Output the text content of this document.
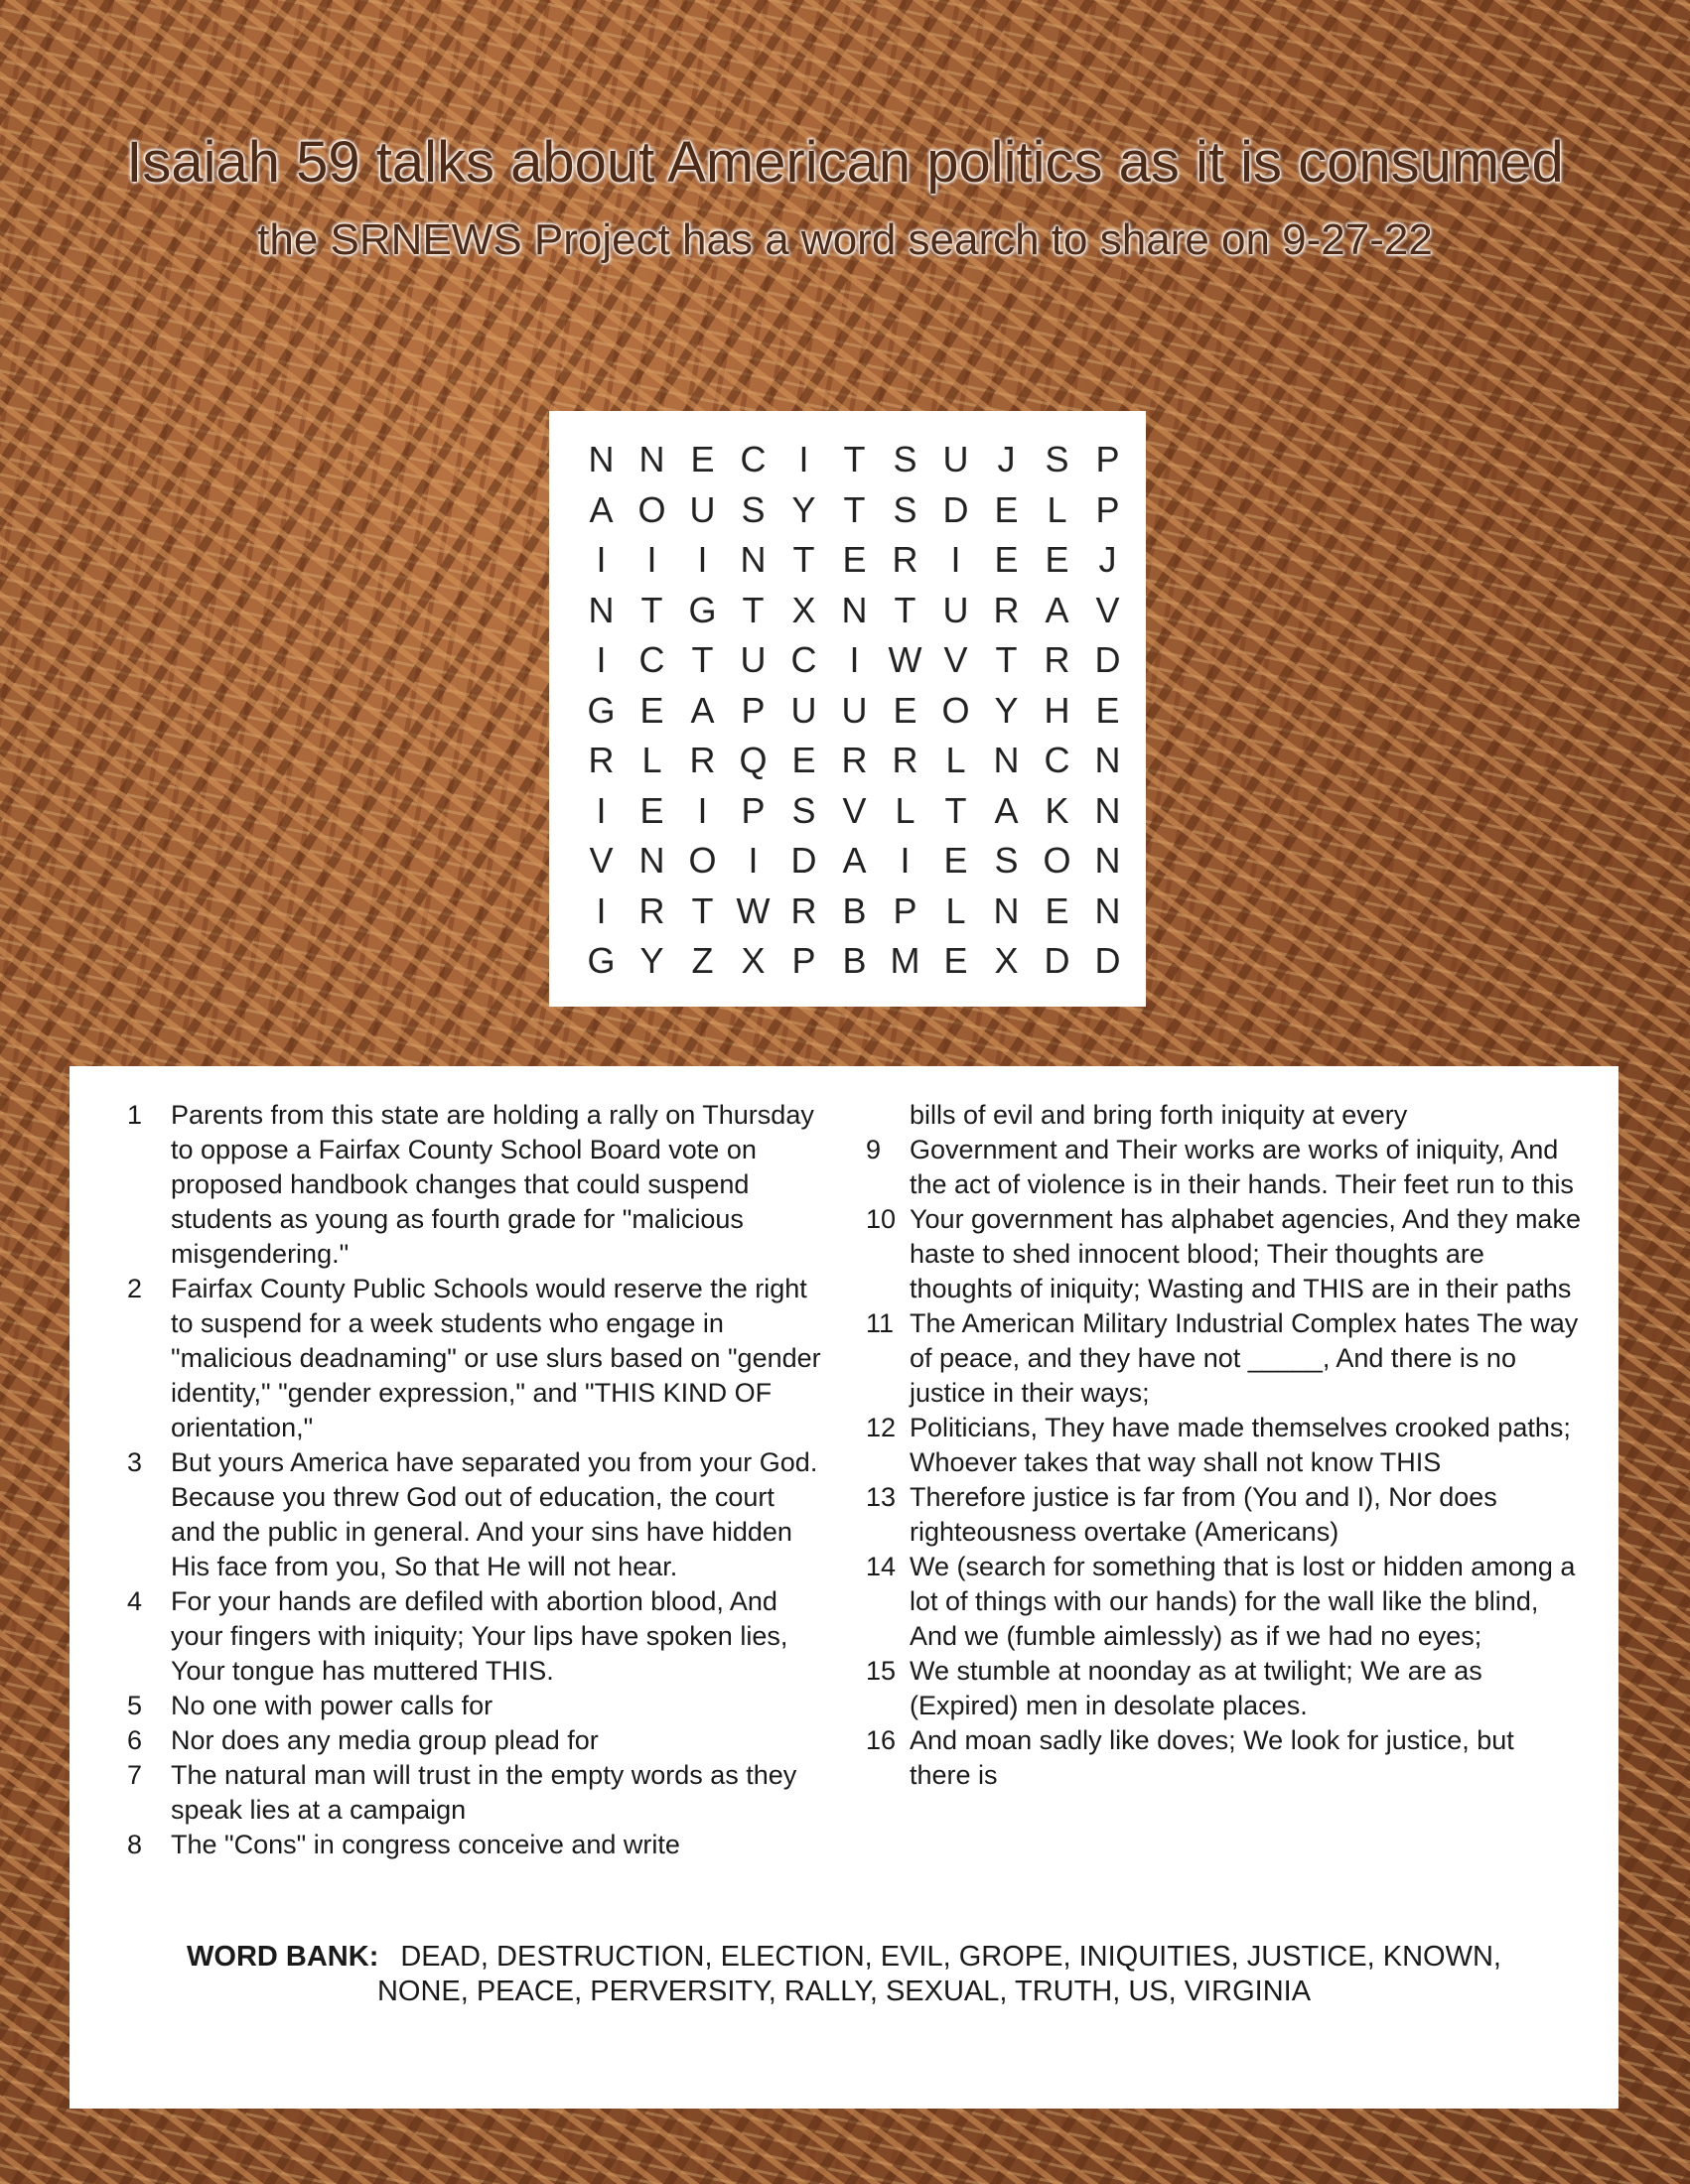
Isaiah 59 talks about American politics as it is consumed
the SRNEWS Project has a word search to share on 9-27-22
N N E C I T S U J S P
A O U S Y T S D E L P
I	I	I N T E R I E E J
N T G T X N T U R A V
I C T U C I W V T R D
G E A P U U E O Y H E
R L R Q E R R L N C N
I E I P S V L T A K N
V N O I D A I E S O N
I R T W R B P L N E N
G Y Z X P B M E X D D
1	Parents from this state are holding a rally on Thursday to oppose a Fairfax County School Board vote on proposed handbook changes that could suspend students as young as fourth grade for "malicious misgendering."
2	Fairfax County Public Schools would reserve the right to suspend for a week students who engage in "malicious deadnaming" or use slurs based on "gender identity," "gender expression," and "THIS KIND OF orientation,"
3	But yours America have separated you from your God. Because you threw God out of education, the court and the public in general. And your sins have hidden His face from you, So that He will not hear.
4	For your hands are defiled with abortion blood, And your fingers with iniquity; Your lips have spoken lies, Your tongue has muttered THIS.
5	No one with power calls for
6	Nor does any media group plead for
7	The natural man will trust in the empty words as they speak lies at a campaign
8	The "Cons" in congress conceive and write
bills of evil and bring forth iniquity at every
9	Government and Their works are works of iniquity, And the act of violence is in their hands. Their feet run to this
10 Your government has alphabet agencies, And they make haste to shed innocent blood; Their thoughts are thoughts of iniquity; Wasting and THIS are in their paths
11 The American Military Industrial Complex hates The way of peace, and they have not _____, And there is no justice in their ways;
12 Politicians, They have made themselves crooked paths; Whoever takes that way shall not know THIS
13 Therefore justice is far from (You and I), Nor does righteousness overtake (Americans)
14 We (search for something that is lost or hidden among a lot of things with our hands) for the wall like the blind, And we (fumble aimlessly) as if we had no eyes;
15 We stumble at noonday as at twilight; We are as (Expired) men in desolate places.
16 And moan sadly like doves; We look for justice, but there is
WORD BANK: DEAD, DESTRUCTION, ELECTION, EVIL, GROPE, INIQUITIES, JUSTICE, KNOWN,
NONE, PEACE, PERVERSITY, RALLY, SEXUAL, TRUTH, US, VIRGINIA
